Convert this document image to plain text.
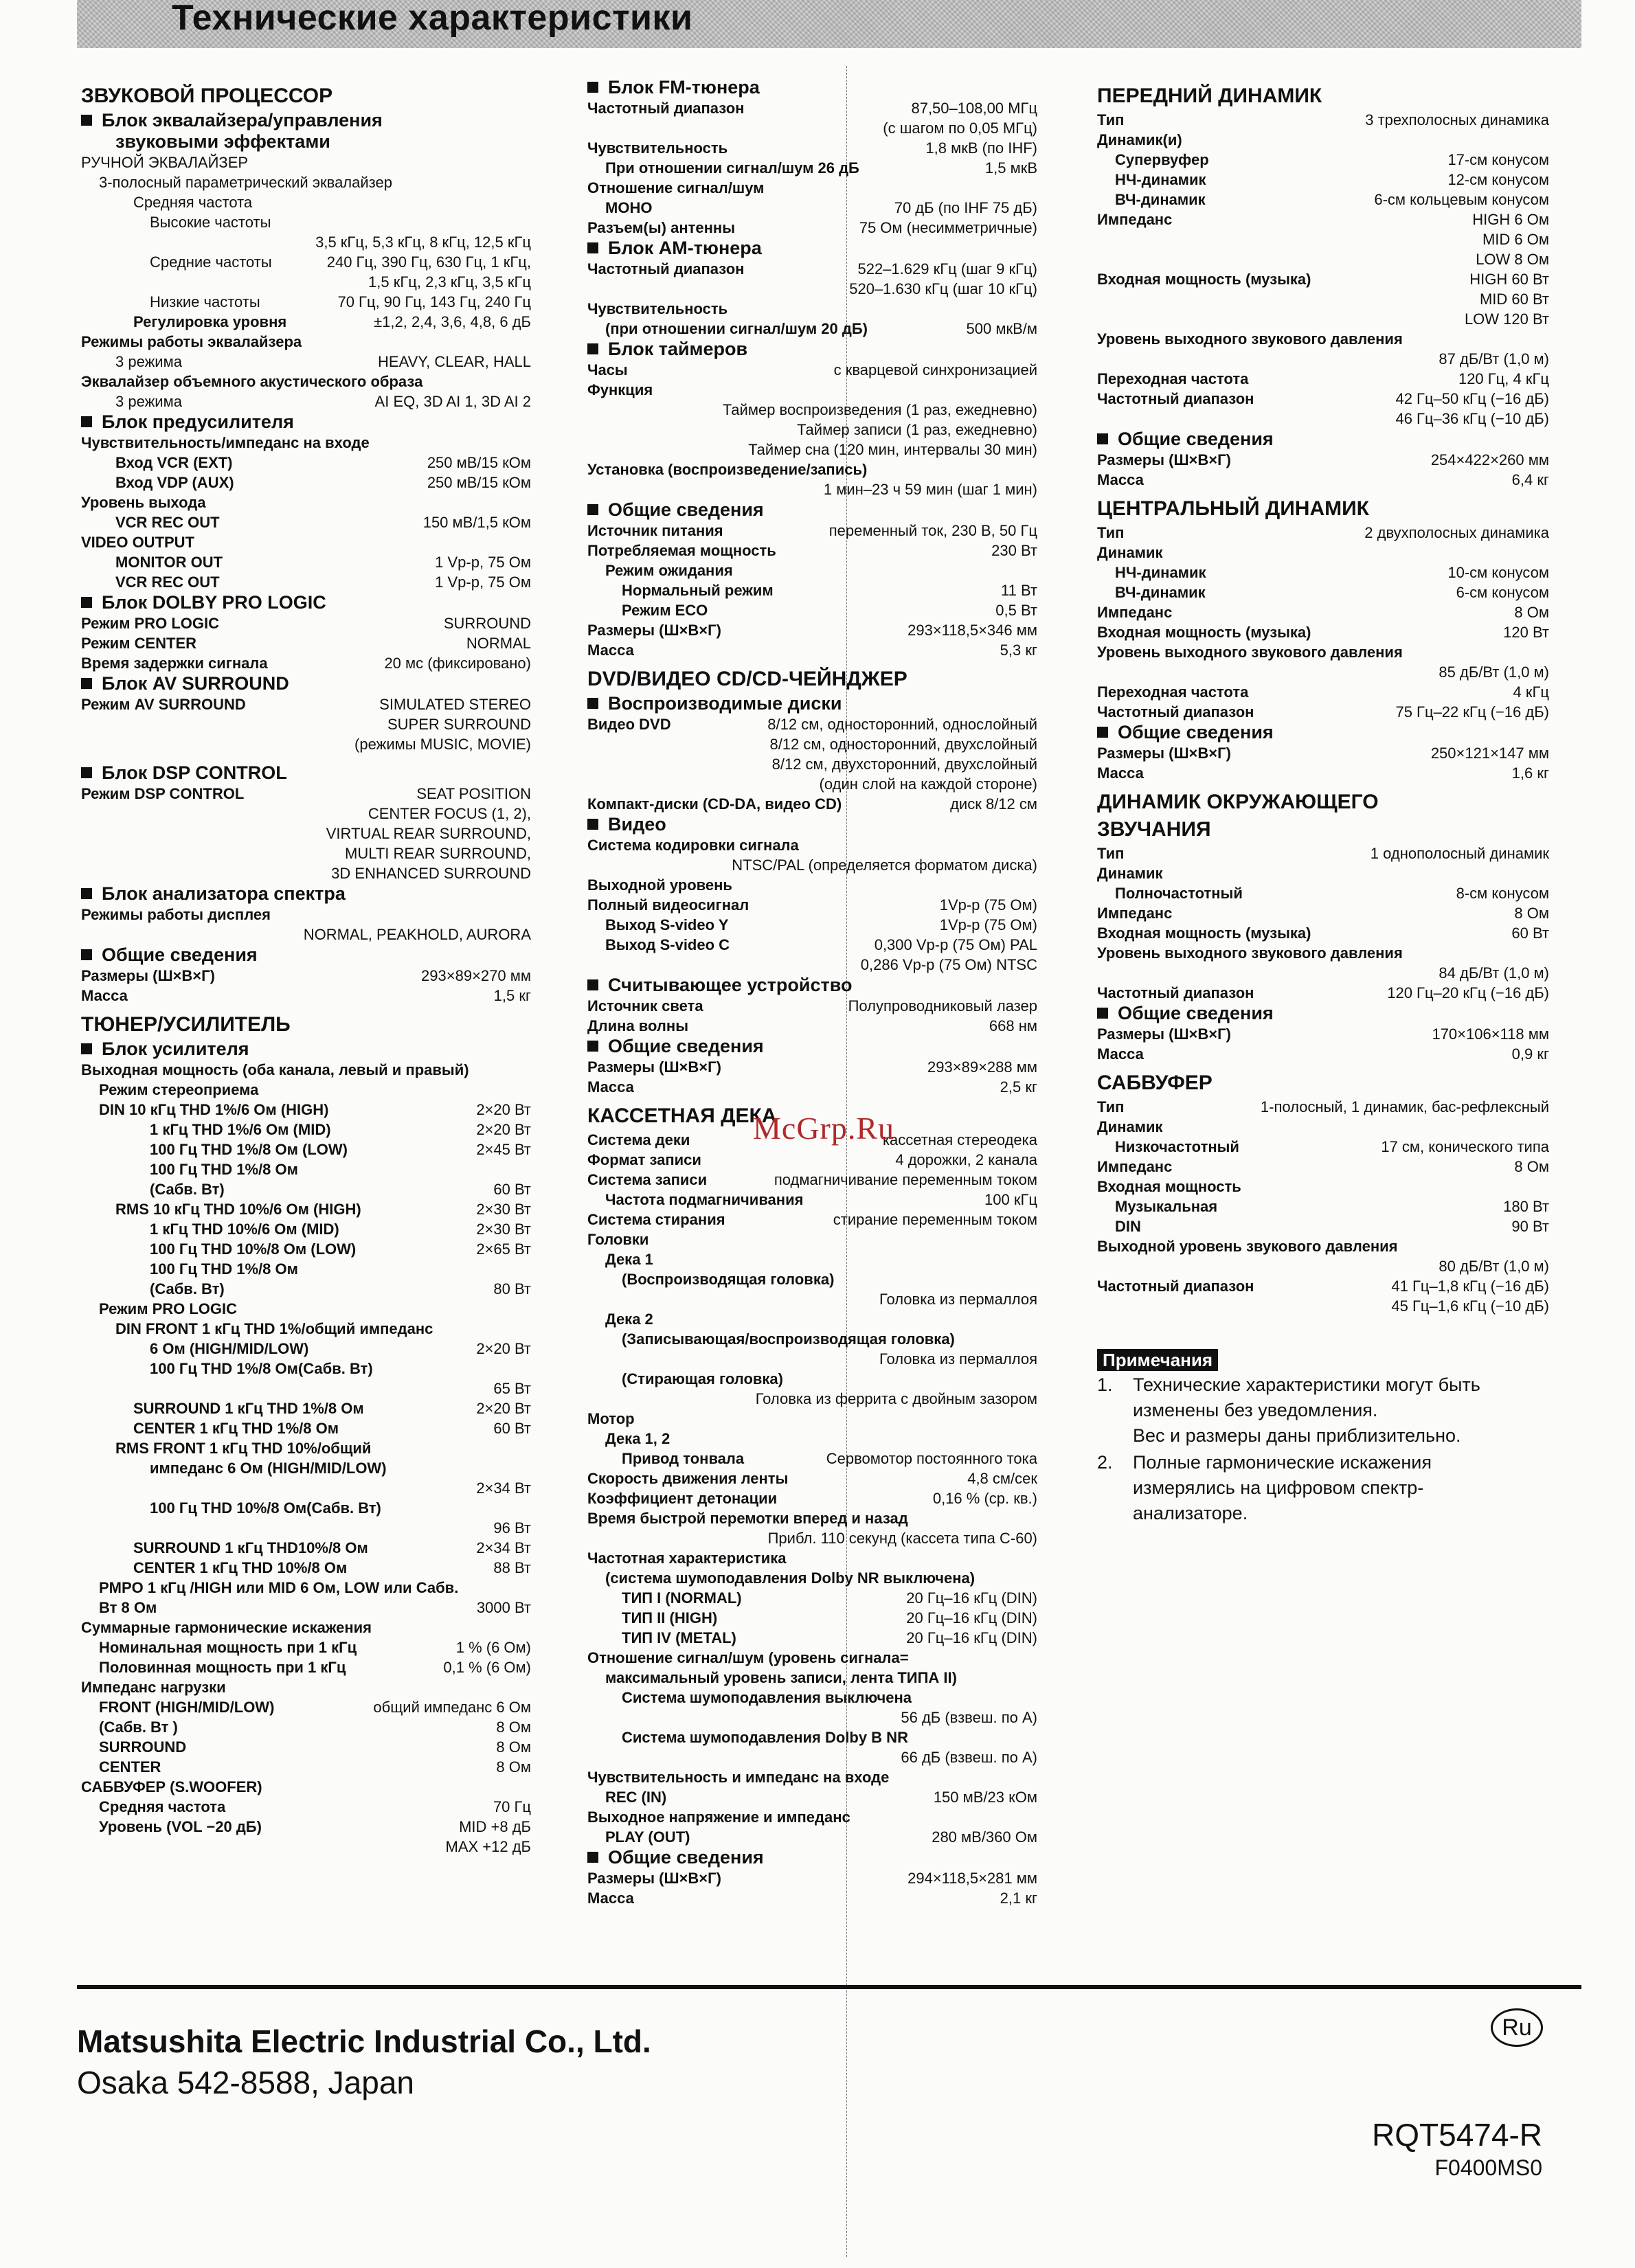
Технические характеристики
ЗВУКОВОЙ ПРОЦЕССОР
Блок эквалайзера/управления
звуковыми эффектами
РУЧНОЙ ЭКВАЛАЙЗЕР
3-полосный параметрический эквалайзер
Средняя частота
Высокие частоты
3,5 кГц, 5,3 кГц, 8 кГц, 12,5 кГц
Средние частоты	240 Гц, 390 Гц, 630 Гц, 1 кГц,
1,5 кГц, 2,3 кГц, 3,5 кГц
Низкие частоты	70 Гц, 90 Гц, 143 Гц, 240 Гц
Регулировка уровня	±1,2, 2,4, 3,6, 4,8, 6 дБ
Режимы работы эквалайзера
3 режима	HEAVY, CLEAR, HALL
Эквалайзер объемного акустического образа
3 режима	AI EQ, 3D AI 1, 3D AI 2
Блок предусилителя
Чувствительность/импеданс на входе
Вход VCR (EXT)	250 мВ/15 кОм
Вход VDP (AUX)	250 мВ/15 кОм
Уровень выхода
VCR REC OUT	150 мВ/1,5 кОм
VIDEO OUTPUT
MONITOR OUT	1 Vp-p, 75 Ом
VCR REC OUT	1 Vp-p, 75 Ом
Блок DOLBY PRO LOGIC
Режим PRO LOGIC	SURROUND
Режим CENTER	NORMAL
Время задержки сигнала	20 мс (фиксировано)
Блок AV SURROUND
Режим AV SURROUND	SIMULATED STEREO
SUPER SURROUND
(режимы MUSIC, MOVIE)
Блок DSP CONTROL
Режим DSP CONTROL	SEAT POSITION
CENTER FOCUS (1, 2),
VIRTUAL REAR SURROUND,
MULTI REAR SURROUND,
3D ENHANCED SURROUND
Блок анализатора спектра
Режимы работы дисплея
NORMAL, PEAKHOLD, AURORA
Общие сведения
Размеры (Ш×В×Г)	293×89×270 мм
Масса	1,5 кг
ТЮНЕР/УСИЛИТЕЛЬ
Блок усилителя
Выходная мощность (оба канала, левый и правый)
Режим стереоприема
DIN 10 кГц THD 1%/6 Ом (HIGH)	2×20 Вт
1 кГц THD 1%/6 Ом (MID)	2×20 Вт
100 Гц THD 1%/8 Ом (LOW)	2×45 Вт
100 Гц THD 1%/8 Ом
(Сабв. Вт)	60 Вт
RMS 10 кГц THD 10%/6 Ом (HIGH)	2×30 Вт
1 кГц THD 10%/6 Ом (MID)	2×30 Вт
100 Гц THD 10%/8 Ом (LOW)	2×65 Вт
100 Гц THD 1%/8 Ом
(Сабв. Вт)	80 Вт
Режим PRO LOGIC
DIN FRONT 1 кГц THD 1%/общий импеданс
6 Ом (HIGH/MID/LOW)	2×20 Вт
100 Гц THD 1%/8 Ом(Сабв. Вт)
65 Вт
SURROUND 1 кГц THD 1%/8 Ом	2×20 Вт
CENTER 1 кГц THD 1%/8 Ом	60 Вт
RMS FRONT 1 кГц THD 10%/общий
импеданс 6 Ом (HIGH/MID/LOW)
2×34 Вт
100 Гц THD 10%/8 Ом(Сабв. Вт)
96 Вт
SURROUND 1 кГц THD10%/8 Ом	2×34 Вт
CENTER 1 кГц THD 10%/8 Ом	88 Вт
PMPO 1 кГц /HIGH или MID 6 Ом, LOW или Сабв.
Вт 8 Ом	3000 Вт
Суммарные гармонические искажения
Номинальная мощность при 1 кГц	1 % (6 Ом)
Половинная мощность при 1 кГц	0,1 % (6 Ом)
Импеданс нагрузки
FRONT (HIGH/MID/LOW)	общий импеданс 6 Ом
(Сабв. Вт )	8 Ом
SURROUND	8 Ом
CENTER	8 Ом
САБВУФЕР (S.WOOFER)
Средняя частота	70 Гц
Уровень (VOL −20 дБ)	MID +8 дБ
MAX +12 дБ
Блок FM-тюнера
Частотный диапазон	87,50–108,00 МГц
(с шагом по 0,05 МГц)
Чувствительность	1,8 мкВ (по IHF)
При отношении сигнал/шум 26 дБ	1,5 мкВ
Отношение сигнал/шум
МОНО	70 дБ (по IHF 75 дБ)
Разъем(ы) антенны	75 Ом (несимметричные)
Блок AM-тюнера
Частотный диапазон	522–1.629 кГц (шаг 9 кГц)
520–1.630 кГц (шаг 10 кГц)
Чувствительность
(при отношении сигнал/шум 20 дБ)	500 мкВ/м
Блок таймеров
Часы	с кварцевой синхронизацией
Функция
Таймер воспроизведения (1 раз, ежедневно)
Таймер записи (1 раз, ежедневно)
Таймер сна (120 мин, интервалы 30 мин)
Установка (воспроизведение/запись)
1 мин–23 ч 59 мин (шаг 1 мин)
Общие сведения
Источник питания	переменный ток, 230 В, 50 Гц
Потребляемая мощность	230 Вт
Режим ожидания
Нормальный режим	11 Вт
Режим ECO	0,5 Вт
Размеры (Ш×В×Г)	293×118,5×346 мм
Масса	5,3 кг
DVD/ВИДЕО CD/CD-ЧЕЙНДЖЕР
Воспроизводимые диски
Видео DVD	8/12 см, односторонний, однослойный
8/12 см, односторонний, двухслойный
8/12 см, двухсторонний, двухслойный
(один слой на каждой стороне)
Компакт-диски (CD-DA, видео CD)	диск 8/12 см
Видео
Система кодировки сигнала
NTSC/PAL (определяется форматом диска)
Выходной уровень
Полный видеосигнал	1Vp-p (75 Ом)
Выход S-video Y	1Vp-p (75 Ом)
Выход S-video C	0,300 Vp-p (75 Ом) PAL
0,286 Vp-p (75 Ом) NTSC
Считывающее устройство
Источник света	Полупроводниковый лазер
Длина волны	668 нм
Общие сведения
Размеры (Ш×В×Г)	293×89×288 мм
Масса	2,5 кг
КАССЕТНАЯ ДЕКА
Система деки	кассетная стереодека
Формат записи	4 дорожки, 2 канала
Система записи	подмагничивание переменным током
Частота подмагничивания	100 кГц
Система стирания	стирание переменным током
Головки
Дека 1
(Воспроизводящая головка)
Головка из пермаллоя
Дека 2
(Записывающая/воспроизводящая головка)
Головка из пермаллоя
(Стирающая головка)
Головка из феррита с двойным зазором
Мотор
Дека 1, 2
Привод тонвала	Сервомотор постоянного тока
Скорость движения ленты	4,8 см/сек
Коэффициент детонации	0,16 % (ср. кв.)
Время быстрой перемотки вперед и назад
Прибл. 110 секунд (кассета типа C-60)
Частотная характеристика
(система шумоподавления Dolby NR выключена)
ТИП I (NORMAL)	20 Гц–16 кГц (DIN)
ТИП II (HIGH)	20 Гц–16 кГц (DIN)
ТИП IV (METAL)	20 Гц–16 кГц (DIN)
Отношение сигнал/шум (уровень сигнала=
максимальный уровень записи, лента ТИПА II)
Система шумоподавления выключена
56 дБ (взвеш. по A)
Система шумоподавления Dolby B NR
66 дБ (взвеш. по A)
Чувствительность и импеданс на входе
REC (IN)	150 мВ/23 кОм
Выходное напряжение и импеданс
PLAY (OUT)	280 мВ/360 Ом
Общие сведения
Размеры (Ш×В×Г)	294×118,5×281 мм
Масса	2,1 кг
ПЕРЕДНИЙ ДИНАМИК
Тип	3 трехполосных динамика
Динамик(и)
Супервуфер	17-см конусом
НЧ-динамик	12-см конусом
ВЧ-динамик	6-см кольцевым конусом
Импеданс	HIGH 6 Ом
MID 6 Ом
LOW 8 Ом
Входная мощность (музыка)	HIGH 60 Вт
MID 60 Вт
LOW 120 Вт
Уровень выходного звукового давления
87 дБ/Вт (1,0 м)
Переходная частота	120 Гц, 4 кГц
Частотный диапазон	42 Гц–50 кГц (−16 дБ)
46 Гц–36 кГц (−10 дБ)
Общие сведения
Размеры (Ш×В×Г)	254×422×260 мм
Масса	6,4 кг
ЦЕНТРАЛЬНЫЙ ДИНАМИК
Тип	2 двухполосных динамика
Динамик
НЧ-динамик	10-см конусом
ВЧ-динамик	6-см конусом
Импеданс	8 Ом
Входная мощность (музыка)	120 Вт
Уровень выходного звукового давления
85 дБ/Вт (1,0 м)
Переходная частота	4 кГц
Частотный диапазон	75 Гц–22 кГц (−16 дБ)
Общие сведения
Размеры (Ш×В×Г)	250×121×147 мм
Масса	1,6 кг
ДИНАМИК ОКРУЖАЮЩЕГО
ЗВУЧАНИЯ
Тип	1 однополосный динамик
Динамик
Полночастотный	8-см конусом
Импеданс	8 Ом
Входная мощность (музыка)	60 Вт
Уровень выходного звукового давления
84 дБ/Вт (1,0 м)
Частотный диапазон	120 Гц–20 кГц (−16 дБ)
Общие сведения
Размеры (Ш×В×Г)	170×106×118 мм
Масса	0,9 кг
САБВУФЕР
Тип	1-полосный, 1 динамик, бас-рефлексный
Динамик
Низкочастотный	17 см, конического типа
Импеданс	8 Ом
Входная мощность
Музыкальная	180 Вт
DIN	90 Вт
Выходной уровень звукового давления
80 дБ/Вт (1,0 м)
Частотный диапазон	41 Гц–1,8 кГц (−16 дБ)
45 Гц–1,6 кГц (−10 дБ)
Примечания
1.	Технические характеристики могут быть
изменены без уведомления.
Вес и размеры даны приблизительно.
2.	Полные гармонические искажения
измерялись на цифровом спектр-
анализаторе.
McGrp.Ru
Matsushita Electric Industrial Co., Ltd.
Osaka 542-8588, Japan
Ru
RQT5474-R
F0400MS0
